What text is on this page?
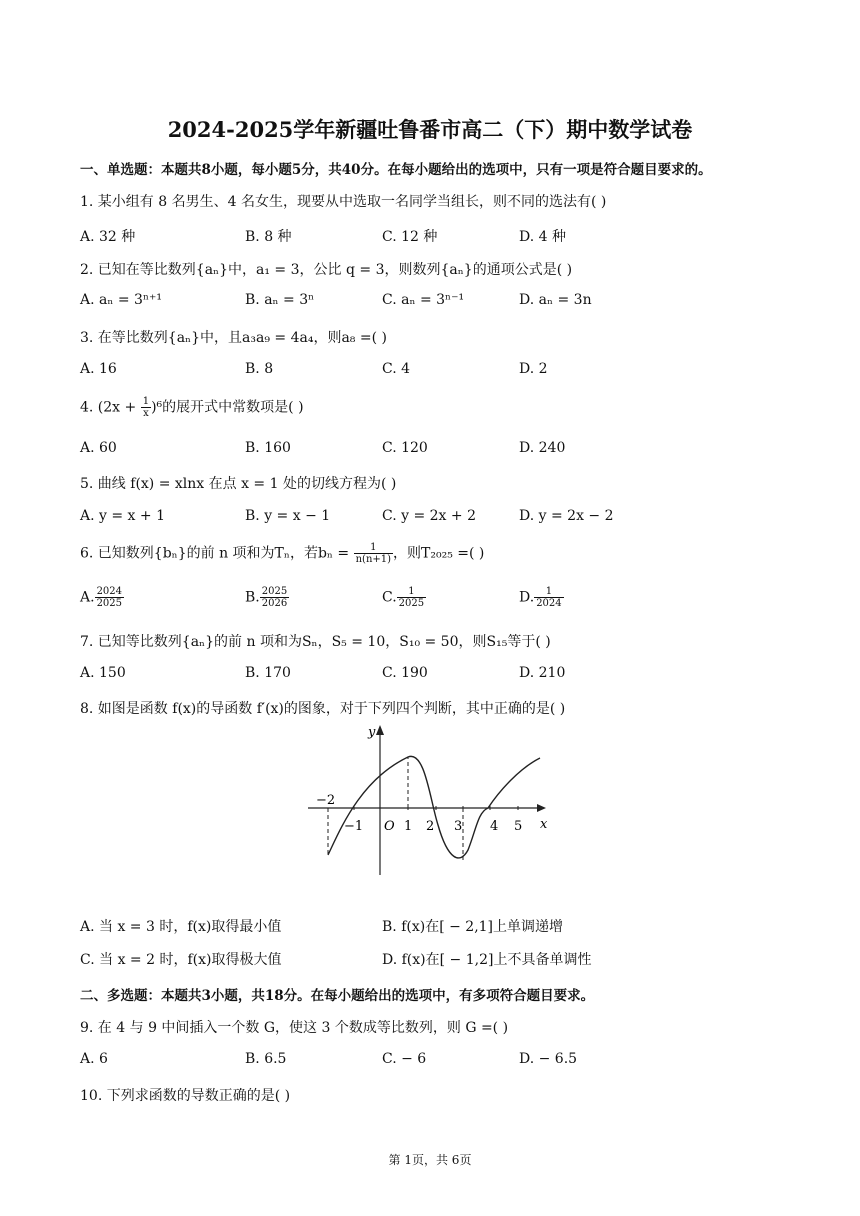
2024-2025学年新疆吐鲁番市高二（下）期中数学试卷
一、单选题：本题共8小题，每小题5分，共40分。在每小题给出的选项中，只有一项是符合题目要求的。
1. 某小组有 8 名男生、4 名女生，现要从中选取一名同学当组长，则不同的选法有( )
A. 32 种	B. 8 种	C. 12 种	D. 4 种
2. 已知在等比数列{aₙ}中，a₁ = 3，公比 q = 3，则数列{aₙ}的通项公式是( )
A. aₙ = 3ⁿ⁺¹	B. aₙ = 3ⁿ	C. aₙ = 3ⁿ⁻¹	D. aₙ = 3n
3. 在等比数列{aₙ}中，且a₃a₉ = 4a₄，则a₈ =( )
A. 16	B. 8	C. 4	D. 2
4. $(2x + \frac{1}{x} )^6$的展开式中常数项是( )
A. 60	B. 160	C. 120	D. 240
5. 曲线 f(x) = xlnx 在点 x = 1 处的切线方程为( )
A. y = x + 1	B. y = x − 1	C. y = 2x + 2	D. y = 2x − 2
6. 已知数列{bₙ}的前 n 项和为Tₙ，若$b_n = \frac{1}{n(n+1)}$ ，则T₂₀₂₅ =( )
A. $\frac{2024}{2025}$	B. $\frac{2025}{2026}$	C. $\frac{1}{2025}$	D. $\frac{1}{2024}$
7. 已知等比数列{aₙ}的前 n 项和为Sₙ，S₅ = 10，S₁₀ = 50，则S₁₅等于( )
A. 150	B. 170	C. 190	D. 210
8. 如图是函数 f(x)的导函数 f′(x)的图象，对于下列四个判断，其中正确的是( )
y
x
O
−2
−1	1 2 3 4 5
A. 当 x = 3 时，f(x)取得最小值	B. f(x)在[ − 2,1]上单调递增
C. 当 x = 2 时，f(x)取得极大值	D. f(x)在[ − 1,2]上不具备单调性
二、多选题：本题共3小题，共18分。在每小题给出的选项中，有多项符合题目要求。
9. 在 4 与 9 中间插入一个数 G，使这 3 个数成等比数列，则 G =( )
A. 6	B. 6.5	C. − 6	D. − 6.5
10. 下列求函数的导数正确的是( )
第 1页，共 6页
